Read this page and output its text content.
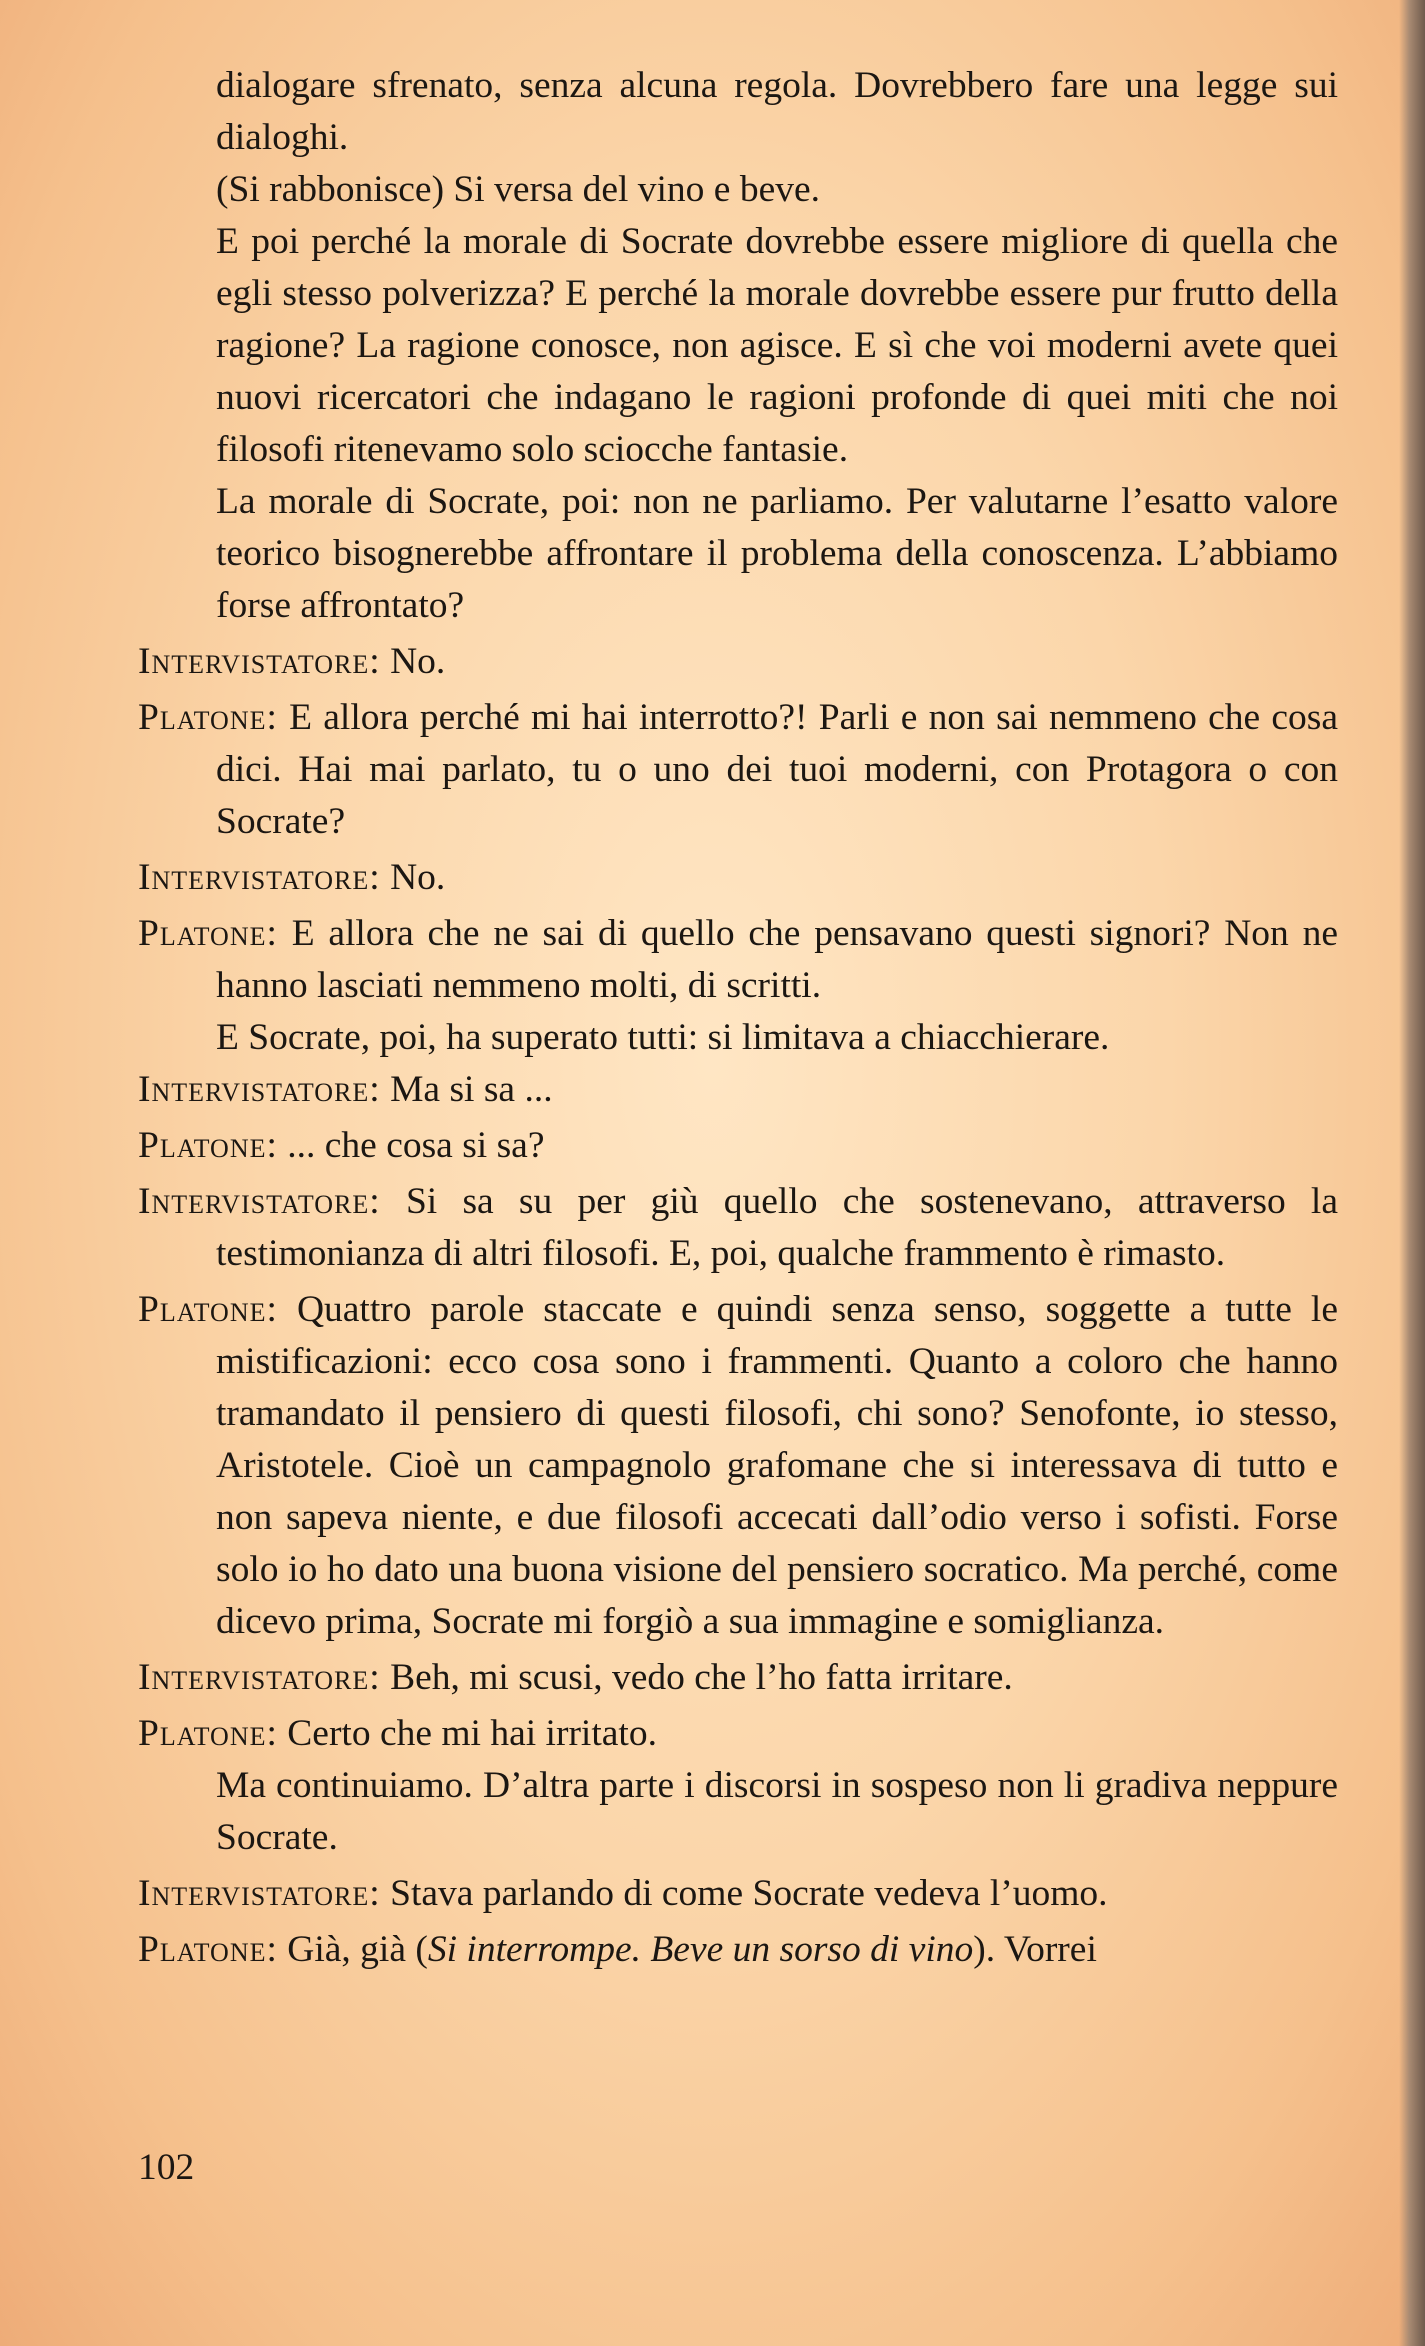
dialogare sfrenato, senza alcuna regola. Dovrebbero fare una legge sui dialoghi.

(Si rabbonisce) Si versa del vino e beve.

E poi perché la morale di Socrate dovrebbe essere migliore di quella che egli stesso polverizza? E perché la morale dovrebbe essere pur frutto della ragione? La ragione conosce, non agisce. E sì che voi moderni avete quei nuovi ricercatori che indagano le ragioni profonde di quei miti che noi filosofi ritenevamo solo sciocche fantasie.

La morale di Socrate, poi: non ne parliamo. Per valutarne l’esatto valore teorico bisognerebbe affrontare il problema della conoscenza. L’abbiamo forse affrontato?

Intervistatore: No.

Platone: E allora perché mi hai interrotto?! Parli e non sai nemmeno che cosa dici. Hai mai parlato, tu o uno dei tuoi moderni, con Protagora o con Socrate?

Intervistatore: No.

Platone: E allora che ne sai di quello che pensavano questi signori? Non ne hanno lasciati nemmeno molti, di scritti.

E Socrate, poi, ha superato tutti: si limitava a chiacchierare.

Intervistatore: Ma si sa ...

Platone: ... che cosa si sa?

Intervistatore: Si sa su per giù quello che sostenevano, attraverso la testimonianza di altri filosofi. E, poi, qualche frammento è rimasto.

Platone: Quattro parole staccate e quindi senza senso, soggette a tutte le mistificazioni: ecco cosa sono i frammenti. Quanto a coloro che hanno tramandato il pensiero di questi filosofi, chi sono? Senofonte, io stesso, Aristotele. Cioè un campagnolo grafomane che si interessava di tutto e non sapeva niente, e due filosofi accecati dall’odio verso i sofisti. Forse solo io ho dato una buona visione del pensiero socratico. Ma perché, come dicevo prima, Socrate mi forgiò a sua immagine e somiglianza.

Intervistatore: Beh, mi scusi, vedo che l’ho fatta irritare.

Platone: Certo che mi hai irritato.

Ma continuiamo. D’altra parte i discorsi in sospeso non li gradiva neppure Socrate.

Intervistatore: Stava parlando di come Socrate vedeva l’uomo.

Platone: Già, già (Si interrompe. Beve un sorso di vino). Vorrei

102
